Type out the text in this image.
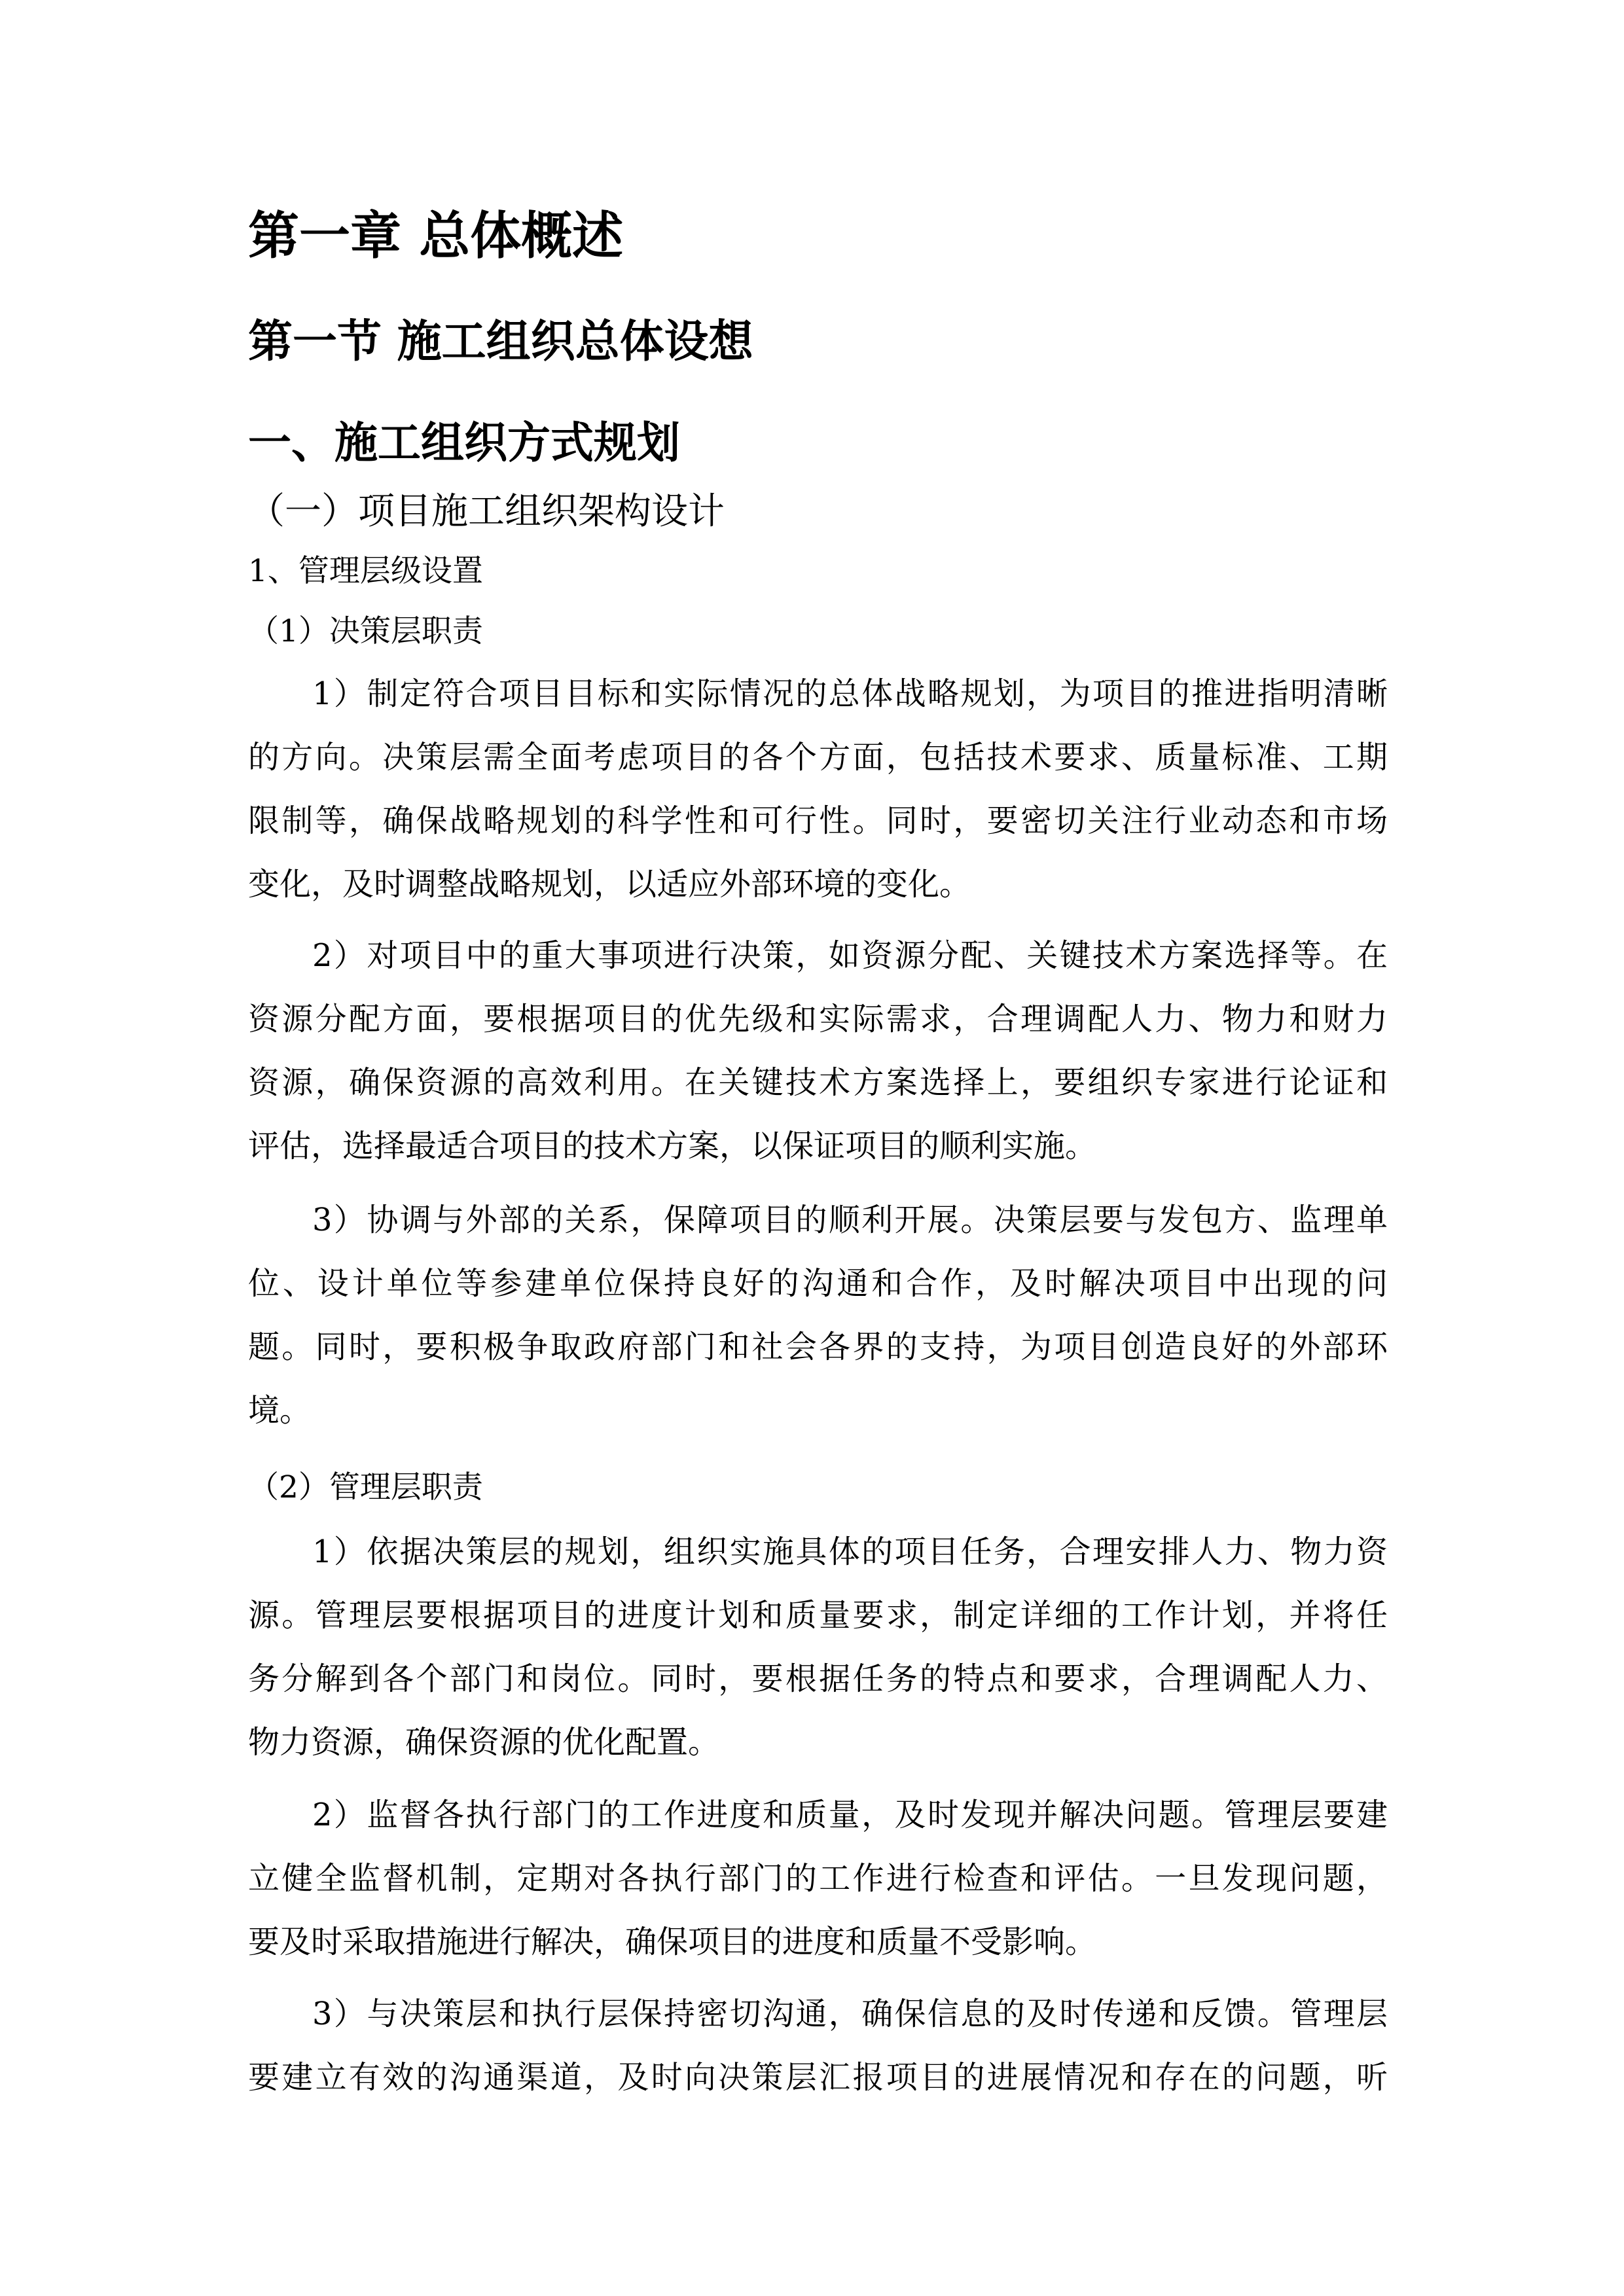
第一章 总体概述
第一节 施工组织总体设想
一、施工组织方式规划
（一）项目施工组织架构设计
1、管理层级设置
（1）决策层职责
1）制定符合项目目标和实际情况的总体战略规划，为项目的推进指明清晰
的方向。决策层需全面考虑项目的各个方面，包括技术要求、质量标准、工期
限制等，确保战略规划的科学性和可行性。同时，要密切关注行业动态和市场
变化，及时调整战略规划，以适应外部环境的变化。
2）对项目中的重大事项进行决策，如资源分配、关键技术方案选择等。在
资源分配方面，要根据项目的优先级和实际需求，合理调配人力、物力和财力
资源，确保资源的高效利用。在关键技术方案选择上，要组织专家进行论证和
评估，选择最适合项目的技术方案，以保证项目的顺利实施。
3）协调与外部的关系，保障项目的顺利开展。决策层要与发包方、监理单
位、设计单位等参建单位保持良好的沟通和合作，及时解决项目中出现的问
题。同时，要积极争取政府部门和社会各界的支持，为项目创造良好的外部环
境。
（2）管理层职责
1）依据决策层的规划，组织实施具体的项目任务，合理安排人力、物力资
源。管理层要根据项目的进度计划和质量要求，制定详细的工作计划，并将任
务分解到各个部门和岗位。同时，要根据任务的特点和要求，合理调配人力、
物力资源，确保资源的优化配置。
2）监督各执行部门的工作进度和质量，及时发现并解决问题。管理层要建
立健全监督机制，定期对各执行部门的工作进行检查和评估。一旦发现问题，
要及时采取措施进行解决，确保项目的进度和质量不受影响。
3）与决策层和执行层保持密切沟通，确保信息的及时传递和反馈。管理层
要建立有效的沟通渠道，及时向决策层汇报项目的进展情况和存在的问题，听
